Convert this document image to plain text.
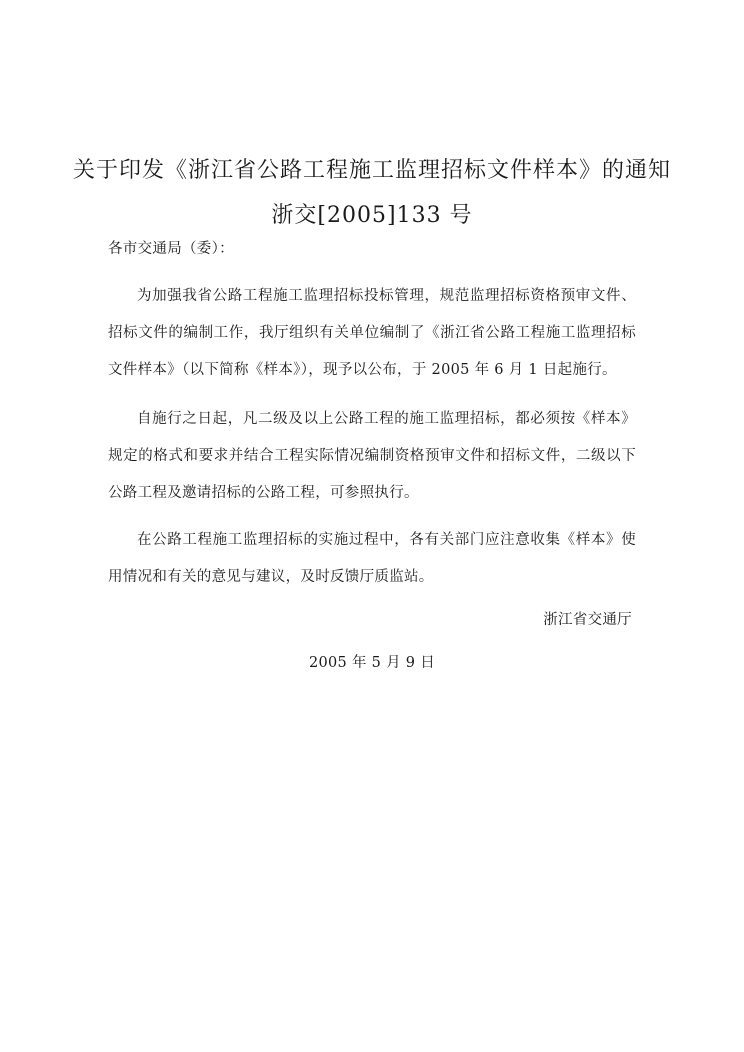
关于印发《浙江省公路工程施工监理招标文件样本》的通知
浙交[2005]133 号
各市交通局（委）：
为加强我省公路工程施工监理招标投标管理，规范监理招标资格预审文件、招标文件的编制工作，我厅组织有关单位编制了《浙江省公路工程施工监理招标文件样本》（以下简称《样本》），现予以公布，于 2005 年 6 月 1 日起施行。
自施行之日起，凡二级及以上公路工程的施工监理招标，都必须按《样本》规定的格式和要求并结合工程实际情况编制资格预审文件和招标文件，二级以下公路工程及邀请招标的公路工程，可参照执行。
在公路工程施工监理招标的实施过程中，各有关部门应注意收集《样本》使用情况和有关的意见与建议，及时反馈厅质监站。
浙江省交通厅
2005 年 5 月 9 日
